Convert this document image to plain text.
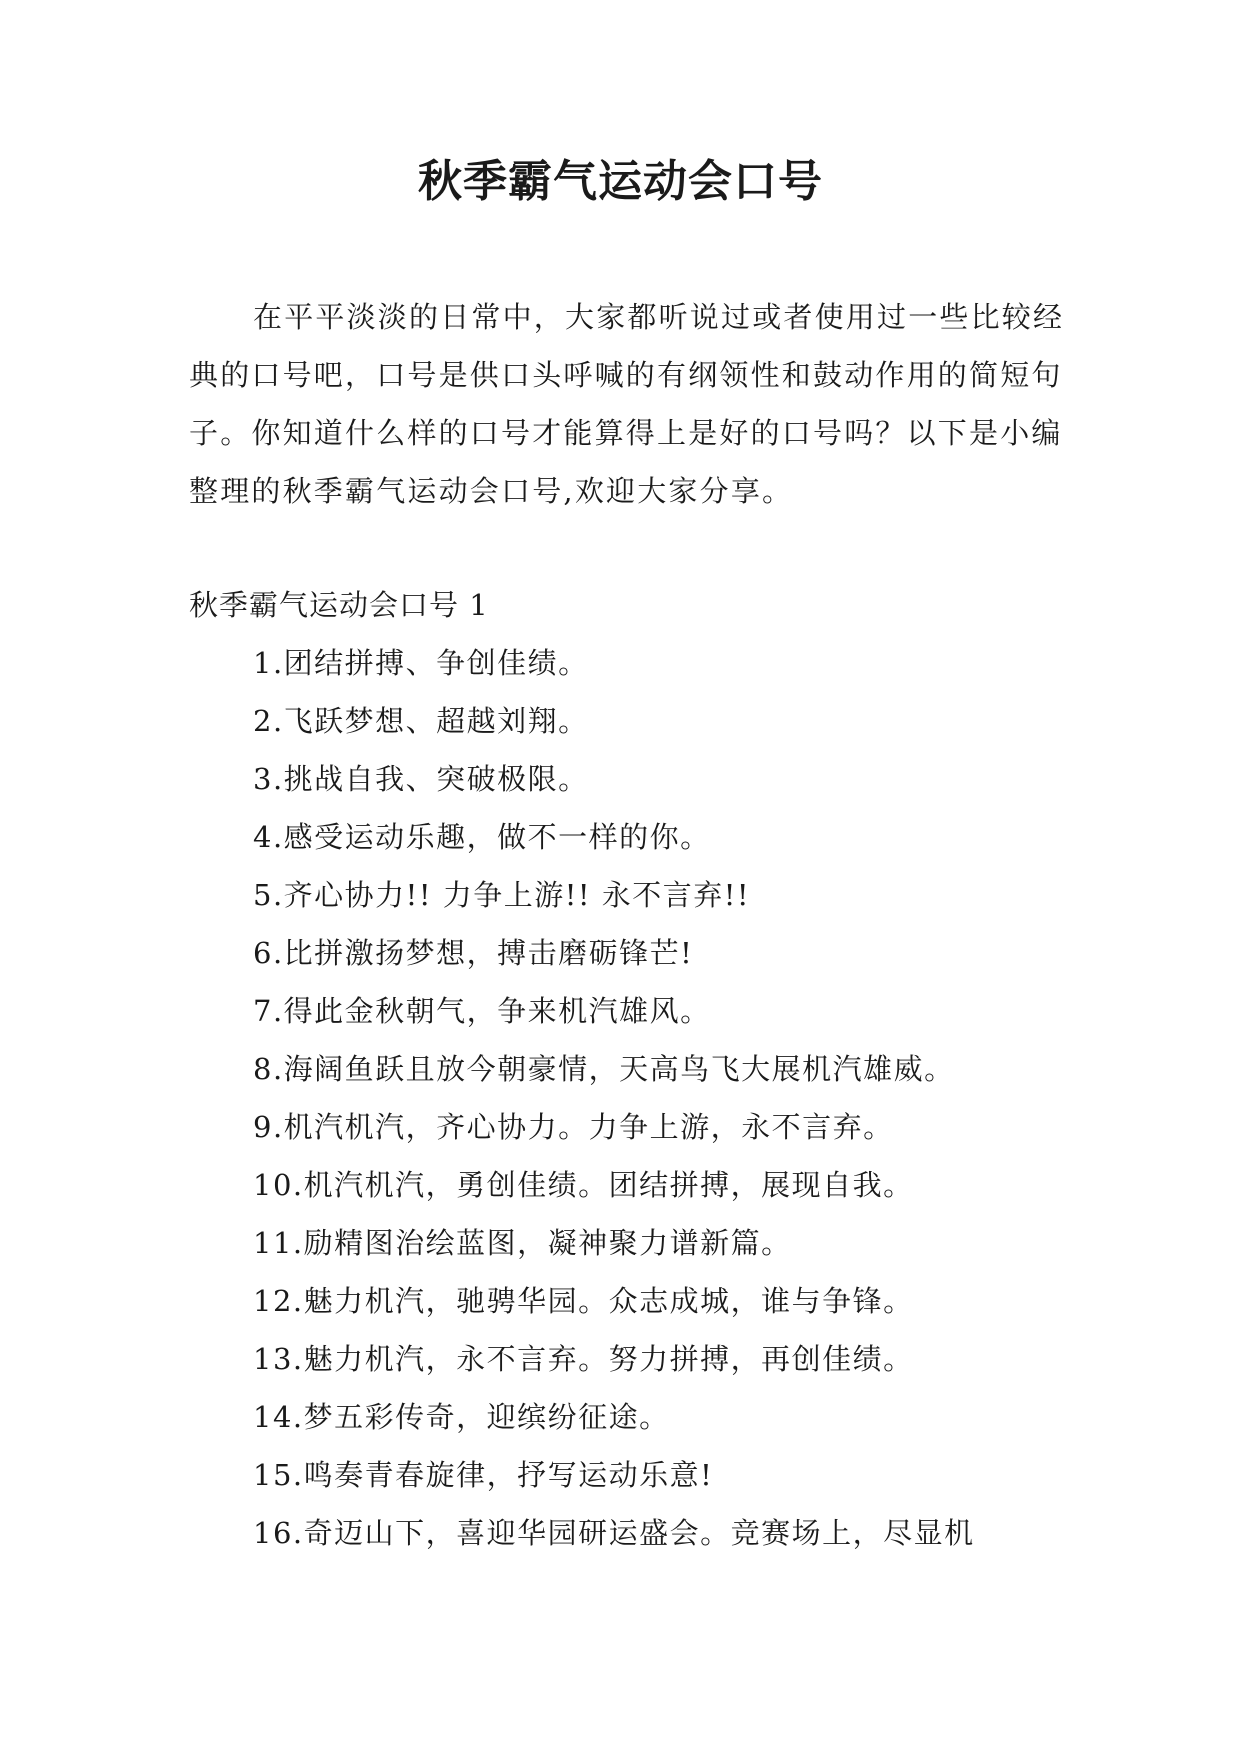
秋季霸气运动会口号

在平平淡淡的日常中，大家都听说过或者使用过一些比较经典的口号吧，口号是供口头呼喊的有纲领性和鼓动作用的简短句子。你知道什么样的口号才能算得上是好的口号吗？以下是小编整理的秋季霸气运动会口号,欢迎大家分享。

秋季霸气运动会口号 1
1.团结拼搏、争创佳绩。
2.飞跃梦想、超越刘翔。
3.挑战自我、突破极限。
4.感受运动乐趣，做不一样的你。
5.齐心协力!! 力争上游!! 永不言弃!!
6.比拼激扬梦想，搏击磨砺锋芒!
7.得此金秋朝气，争来机汽雄风。
8.海阔鱼跃且放今朝豪情，天高鸟飞大展机汽雄威。
9.机汽机汽，齐心协力。力争上游，永不言弃。
10.机汽机汽，勇创佳绩。团结拼搏，展现自我。
11.励精图治绘蓝图，凝神聚力谱新篇。
12.魅力机汽，驰骋华园。众志成城，谁与争锋。
13.魅力机汽，永不言弃。努力拼搏，再创佳绩。
14.梦五彩传奇，迎缤纷征途。
15.鸣奏青春旋律，抒写运动乐意!
16.奇迈山下，喜迎华园研运盛会。竞赛场上，尽显机
